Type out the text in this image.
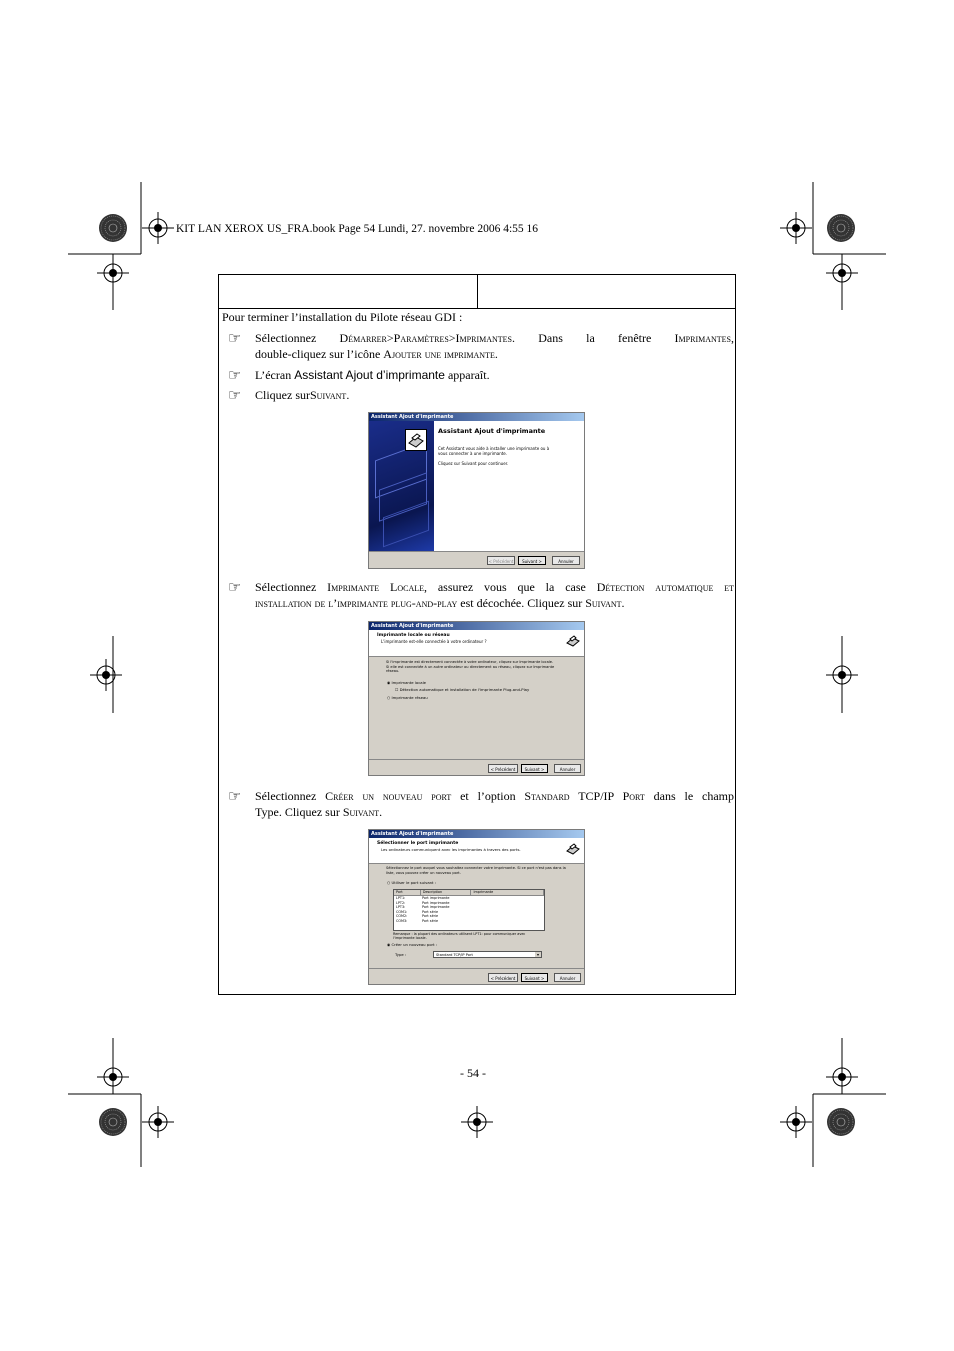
KIT LAN XEROX US_FRA.book Page 54 Lundi, 27. novembre 2006 4:55 16
Pour terminer l’installation du Pilote réseau GDI :
☞ Sélectionnez Démarrer>Paramètres>Imprimantes. Dans la fenêtre Imprimantes,
double-cliquez sur l’icône Ajouter une imprimante.
☞ L’écran Assistant Ajout d’imprimante apparaît.
☞ Cliquez surSuivant.
Assistant Ajout d'imprimante
Assistant Ajout d'imprimante
Cet Assistant vous aide à installer une imprimante ou à vous connecter à une imprimante.
Cliquez sur Suivant pour continuer.
< Précédent	Suivant >	Annuler
☞ Sélectionnez Imprimante Locale, assurez vous que la case Détection automatique et
installation de l’imprimante plug-and-play est décochée. Cliquez sur Suivant.
Assistant Ajout d'imprimante
Imprimante locale ou réseau
L'imprimante est-elle connectée à votre ordinateur ?
Si l'imprimante est directement connectée à votre ordinateur, cliquez sur Imprimante locale. Si elle est connectée à un autre ordinateur ou directement au réseau, cliquez sur Imprimante réseau.
◉ Imprimante locale
☐ Détection automatique et installation de l'imprimante Plug-and-Play
○ Imprimante réseau
< Précédent	Suivant >	Annuler
☞ Sélectionnez Créer un nouveau port et l’option Standard TCP/IP Port dans le champ
Type. Cliquez sur Suivant.
Assistant Ajout d'imprimante
Sélectionner le port imprimante
Les ordinateurs communiquent avec les imprimantes à travers des ports.
Sélectionnez le port auquel vous souhaitez connecter votre imprimante. Si ce port n'est pas dans la liste, vous pouvez créer un nouveau port.
○ Utiliser le port suivant :
Port	Description	Imprimante
LPT1:	Port imprimante
LPT2:	Port imprimante
LPT3:	Port imprimante
COM1:	Port série
COM2:	Port série
COM3:	Port série
Remarque : la plupart des ordinateurs utilisent LPT1: pour communiquer avec l'imprimante locale.
◉ Créer un nouveau port :
Type :	Standard TCP/IP Port	▾
< Précédent	Suivant >	Annuler
- 54 -
